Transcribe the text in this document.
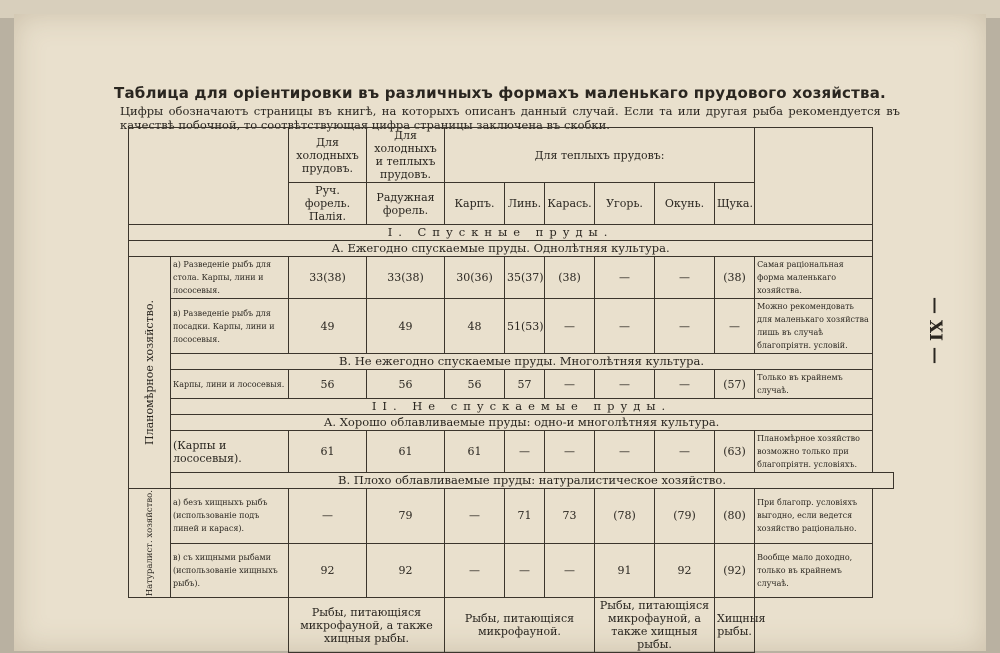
Таблица для оріентировки въ различныхъ формахъ маленькаго прудового хозяйства.
Цифры обозначаютъ страницы въ книгѣ, на которыхъ описанъ данный случай. Если та или другая рыба рекомендуется въ качествѣ побочной, то соотвѣтствующая цифра страницы заключена въ скобки.
— XI —
		Для холодныхъ прудовъ.	Для холодныхъ и теплыхъ прудовъ.	Для теплыхъ прудовъ:						
		Руч. форель. Палія.	Радужная форель.	Карпъ.	Линь.	Карась.	Угорь.	Окунь.	Щука.	
I. Спускные пруды.										
А. Ежегодно спускаемые пруды. Однолѣтняя культура.										

Планомѣрное хозяйство.	а) Разведеніе рыбъ для стола. Карпы, лини и лососевыя.	33(38)	33(38)	30(36)	35(37)	(38)	—	—	(38)	Самая раціональная форма маленькаго хозяйства.
	в) Разведеніе рыбъ для посадки. Карпы, лини и лососевыя.	49	49	48	51(53)	—	—	—	—	Можно рекомендовать для маленькаго хозяйства лишь въ случаѣ благопріятн. условій.
	В. Не ежегодно спускаемые пруды. Многолѣтняя культура.									
	Карпы, лини и лососевыя.	56	56	56	57	—	—	—	(57)	Только въ крайнемъ случаѣ.
	II. Не спускаемые пруды.									
	А. Хорошо облавливаемые пруды: одно-и многолѣтняя культура.									
	(Карпы и лососевыя).	61	61	61	—	—	—	—	(63)	Планомѣрное хозяйство возможно только при благопріятн. условіяхъ.
	В. Плохо облавливаемые пруды: натуралистическое хозяйство.									

Натуралист. хозяйство.	а) безъ хищныхъ рыбъ (использованіе подъ линей и карася).	—	79	—	71	73	(78)	(79)	(80)	При благопр. условіяхъ выгодно, если ведется хозяйство раціонально.
	в) съ хищными рыбами (использованіе хищныхъ рыбъ).	92	92	—	—	—	91	92	(92)	Вообще мало доходно, только въ крайнемъ случаѣ.
		Рыбы, питающіяся микрофауной, а также хищныя рыбы.		Рыбы, питающіяся микрофауной.			Рыбы, питающіяся микрофауной, а также хищныя рыбы.		Хищныя рыбы.	
